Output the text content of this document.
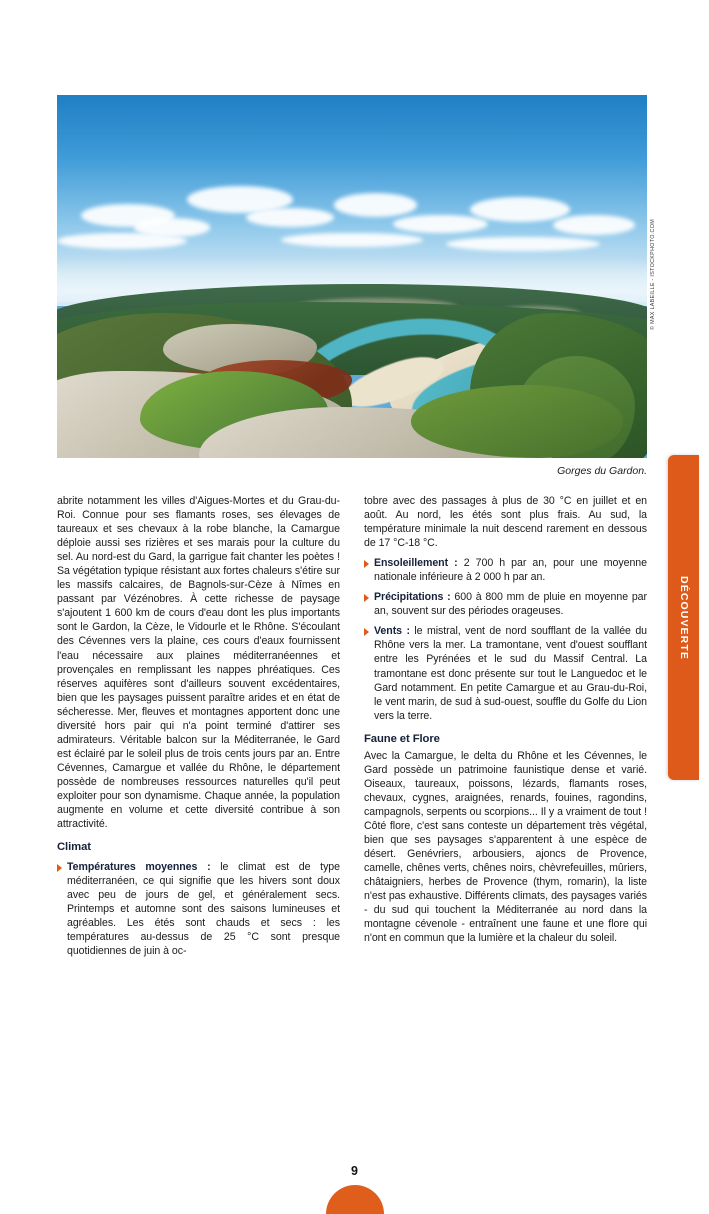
© MAX LABEILLE - ISTOCKPHOTO.COM
Gorges du Gardon.
DÉCOUVERTE

abrite notamment les villes d'Aigues-Mortes et du Grau-du-Roi. Connue pour ses flamants roses, ses élevages de taureaux et ses chevaux à la robe blanche, la Camargue déploie aussi ses rizières et ses marais pour la culture du sel. Au nord-est du Gard, la garrigue fait chanter les poètes ! Sa végétation typique résistant aux fortes chaleurs s'étire sur les massifs calcaires, de Bagnols-sur-Cèze à Nîmes en passant par Vézénobres. À cette richesse de paysage s'ajoutent 1 600 km de cours d'eau dont les plus importants sont le Gardon, la Cèze, le Vidourle et le Rhône. S'écoulant des Cévennes vers la plaine, ces cours d'eaux fournissent l'eau nécessaire aux plaines méditerranéennes et provençales en remplissant les nappes phréatiques. Ces réserves aquifères sont d'ailleurs souvent excédentaires, bien que les paysages puissent paraître arides et en état de sécheresse. Mer, fleuves et montagnes apportent donc une diversité hors pair qui n'a point terminé d'attirer ses admirateurs. Véritable balcon sur la Méditerranée, le Gard est éclairé par le soleil plus de trois cents jours par an. Entre Cévennes, Camargue et vallée du Rhône, le département possède de nombreuses ressources naturelles qu'il peut exploiter pour son dynamisme. Chaque année, la population augmente en volume et cette diversité contribue à son attractivité.

Climat

Températures moyennes : le climat est de type méditerranéen, ce qui signifie que les hivers sont doux avec peu de jours de gel, et généralement secs. Printemps et automne sont des saisons lumineuses et agréables. Les étés sont chauds et secs : les températures au-dessus de 25 °C sont presque quotidiennes de juin à oc-

tobre avec des passages à plus de 30 °C en juillet et en août. Au nord, les étés sont plus frais. Au sud, la température minimale la nuit descend rarement en dessous de 17 °C-18 °C.

Ensoleillement : 2 700 h par an, pour une moyenne nationale inférieure à 2 000 h par an.

Précipitations : 600 à 800 mm de pluie en moyenne par an, souvent sur des périodes orageuses.

Vents : le mistral, vent de nord soufflant de la vallée du Rhône vers la mer. La tramontane, vent d'ouest soufflant entre les Pyrénées et le sud du Massif Central. La tramontane est donc présente sur tout le Languedoc et le Gard notamment. En petite Camargue et au Grau-du-Roi, le vent marin, de sud à sud-ouest, souffle du Golfe du Lion vers la terre.

Faune et Flore

Avec la Camargue, le delta du Rhône et les Cévennes, le Gard possède un patrimoine faunistique dense et varié. Oiseaux, taureaux, poissons, lézards, flamants roses, chevaux, cygnes, araignées, renards, fouines, ragondins, campagnols, serpents ou scorpions... Il y a vraiment de tout ! Côté flore, c'est sans conteste un département très végétal, bien que ses paysages s'apparentent à une espèce de désert. Genévriers, arbousiers, ajoncs de Provence, camelle, chênes verts, chênes noirs, chèvrefeuilles, mûriers, châtaigniers, herbes de Provence (thym, romarin), la liste n'est pas exhaustive. Différents climats, des paysages variés - du sud qui touchent la Méditerranée au nord dans la montagne cévenole - entraînent une faune et une flore qui n'ont en commun que la lumière et la chaleur du soleil.

9
